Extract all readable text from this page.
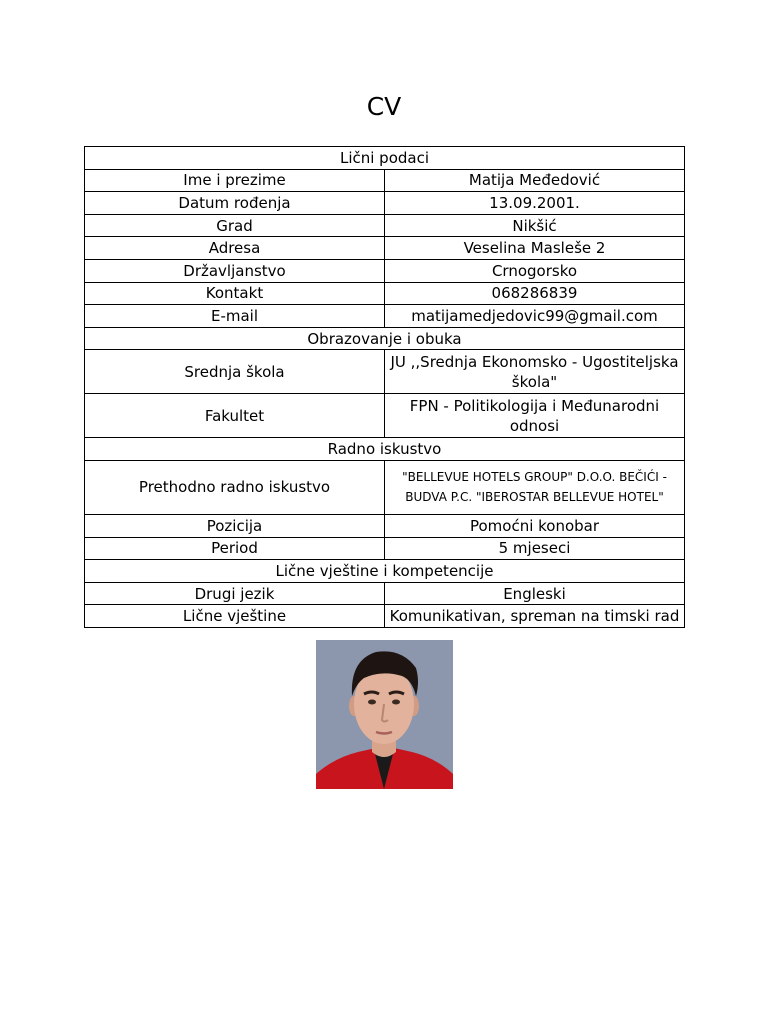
CV
Lični podaci	
Ime i prezime	Matija Međedović
Datum rođenja	13.09.2001.
Grad	Nikšić
Adresa	Veselina Masleše 2
Državljanstvo	Crnogorsko
Kontakt	068286839
E-mail	matijamedjedovic99@gmail.com
Obrazovanje i obuka	
Srednja škola	JU ,,Srednja Ekonomsko - Ugostiteljska škola"
Fakultet	FPN - Politikologija i Međunarodni odnosi
Radno iskustvo	
Prethodno radno iskustvo	"BELLEVUE HOTELS GROUP" D.O.O. BEČIĆI - BUDVA P.C. "IBEROSTAR BELLEVUE HOTEL"
Pozicija	Pomoćni konobar
Period	5 mjeseci
Lične vještine i kompetencije	
Drugi jezik	Engleski
Lične vještine	Komunikativan, spreman na timski rad
